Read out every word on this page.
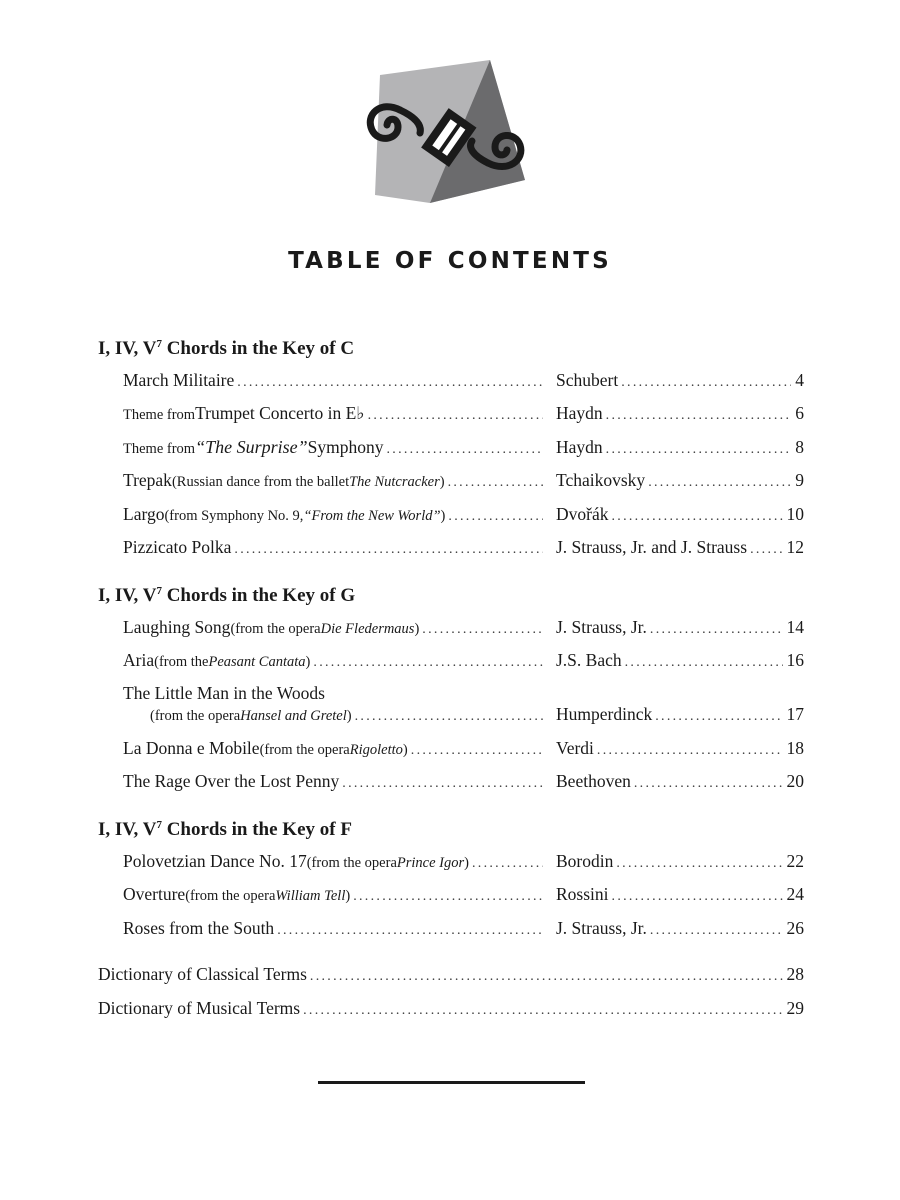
TABLE OF CONTENTS
I, IV, $V^7$ Chords in the Key of C
March Militaire . . .	Schubert . . .	4
Theme from Trumpet Concerto in E♭ . . .	Haydn . . .	6
Theme from “The Surprise” Symphony . . .	Haydn . . .	8
Trepak (Russian dance from the ballet The Nutcracker ) . . .	Tchaikovsky . . .	9
Largo (from Symphony No. 9, “From the New World” ) . . .	Dvořák . . .	10
Pizzicato Polka . . .	J. Strauss, Jr. and J. Strauss . . . 12
I, IV, $V^7$ Chords in the Key of G
Laughing Song (from the opera Die Fledermaus ) . . .	J. Strauss, Jr. . . .	14
Aria (from the Peasant Cantata ) . . .	J.S. Bach . . .	16
The Little Man in the Woods
(from the opera Hansel and Gretel ) . . .	Humperdinck . . .	17
La Donna e Mobile (from the opera Rigoletto ) . . .	Verdi . . .	18
The Rage Over the Lost Penny . . .	Beethoven . . .	20
I, IV, $V^7$ Chords in the Key of F
Polovetzian Dance No. 17 (from the opera Prince Igor ) . . .	Borodin . . .	22
Overture (from the opera William Tell ) . . .	Rossini . . .	24
Roses from the South . . .	J. Strauss, Jr. . . .	26
Dictionary of Classical Terms . . .	28
Dictionary of Musical Terms . . .	29
